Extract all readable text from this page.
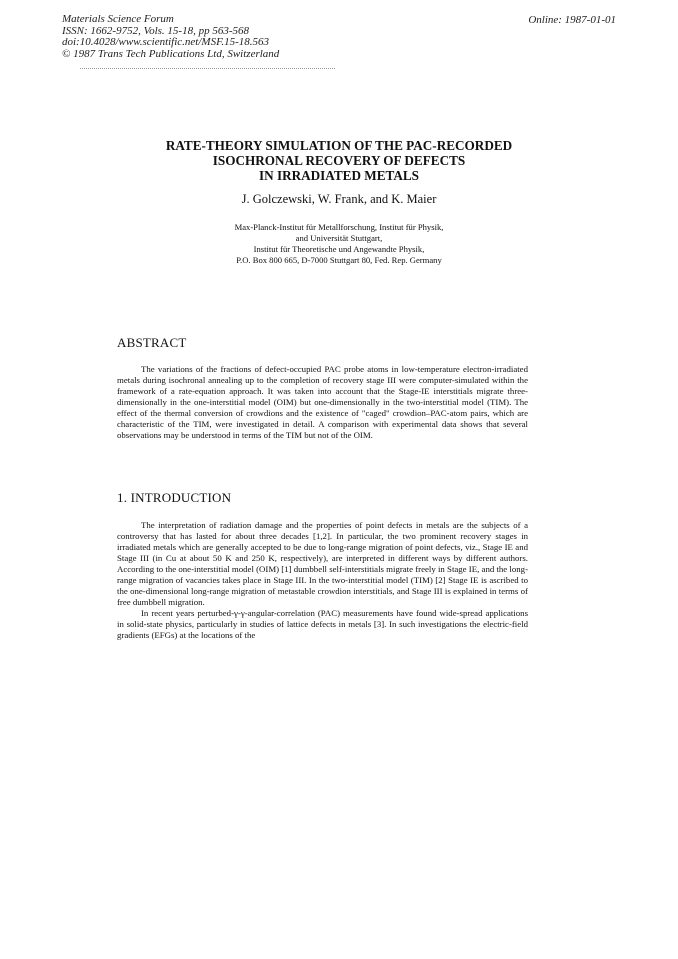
Materials Science Forum
ISSN: 1662-9752, Vols. 15-18, pp 563-568
doi:10.4028/www.scientific.net/MSF.15-18.563
© 1987 Trans Tech Publications Ltd, Switzerland
Online: 1987-01-01
RATE-THEORY SIMULATION OF THE PAC-RECORDED
ISOCHRONAL RECOVERY OF DEFECTS
IN IRRADIATED METALS
J. Golczewski, W. Frank, and K. Maier
Max-Planck-Institut für Metallforschung, Institut für Physik,
and Universität Stuttgart,
Institut für Theoretische und Angewandte Physik,
P.O. Box 800 665, D-7000 Stuttgart 80, Fed. Rep. Germany
ABSTRACT

The variations of the fractions of defect-occupied PAC probe atoms in low-temperature electron-irradiated metals during isochronal annealing up to the completion of recovery stage III were computer-simulated within the framework of a rate-equation approach. It was taken into account that the Stage-IE interstitials migrate three-dimensionally in the one-interstitial model (OIM) but one-dimensionally in the two-interstitial model (TIM). The effect of the thermal conversion of crowdions and the existence of "caged" crowdion–PAC-atom pairs, which are characteristic of the TIM, were investigated in detail. A comparison with experimental data shows that several observations may be understood in terms of the TIM but not of the OIM.

1. INTRODUCTION

The interpretation of radiation damage and the properties of point defects in metals are the subjects of a controversy that has lasted for about three decades [1,2]. In particular, the two prominent recovery stages in irradiated metals which are generally accepted to be due to long-range migration of point defects, viz., Stage IE and Stage III (in Cu at about 50 K and 250 K, respectively), are interpreted in different ways by different authors. According to the one-interstitial model (OIM) [1] dumbbell self-interstitials migrate freely in Stage IE, and the long-range migration of vacancies takes place in Stage III. In the two-interstitial model (TIM) [2] Stage IE is ascribed to the one-dimensional long-range migration of metastable crowdion interstitials, and Stage III is explained in terms of free dumbbell migration.

In recent years perturbed-γ-γ-angular-correlation (PAC) measurements have found wide-spread applications in solid-state physics, particularly in studies of lattice defects in metals [3]. In such investigations the electric-field gradients (EFGs) at the locations of the
